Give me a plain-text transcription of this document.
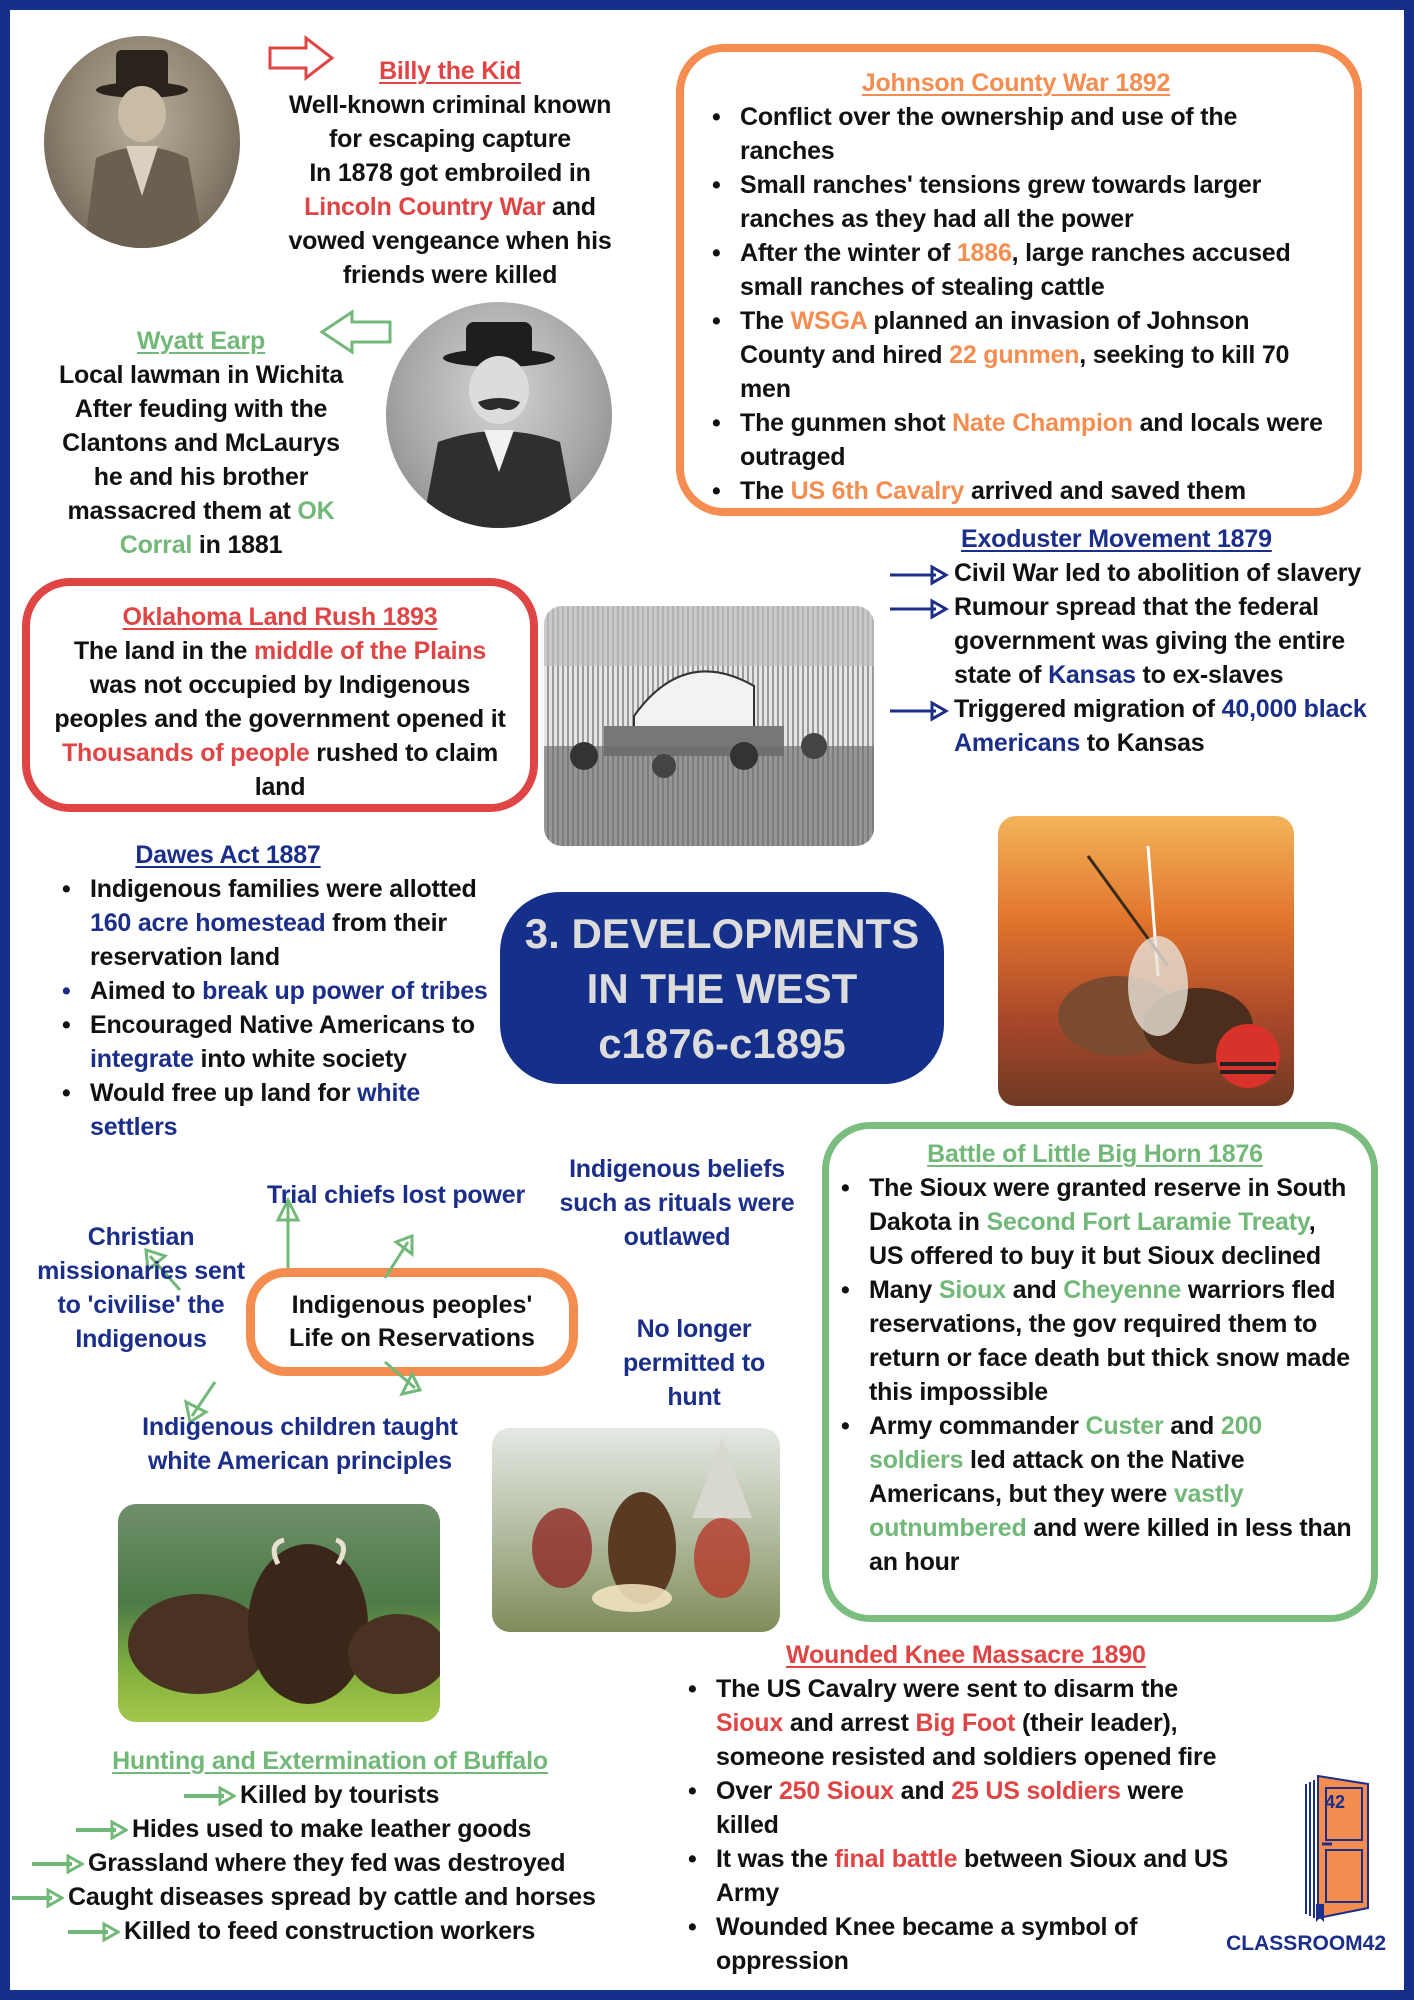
Billy the Kid
Well-known criminal known
for escaping capture
In 1878 got embroiled in
Lincoln Country War and
vowed vengeance when his
friends were killed
Wyatt Earp
Local lawman in Wichita
After feuding with the
Clantons and McLaurys
he and his brother
massacred them at OK
Corral in 1881
Johnson County War 1892
• Conflict over the ownership and use of the ranches
• Small ranches' tensions grew towards larger ranches as they had all the power
• After the winter of 1886, large ranches accused small ranches of stealing cattle
• The WSGA planned an invasion of Johnson County and hired 22 gunmen, seeking to kill 70 men
• The gunmen shot Nate Champion and locals were outraged
• The US 6th Cavalry arrived and saved them
Exoduster Movement 1879
Civil War led to abolition of slavery
Rumour spread that the federal government was giving the entire state of Kansas to ex-slaves
Triggered migration of 40,000 black Americans to Kansas
Oklahoma Land Rush 1893
The land in the middle of the Plains
was not occupied by Indigenous
peoples and the government opened it
Thousands of people rushed to claim
land
Dawes Act 1887
• Indigenous families were allotted 160 acre homestead from their reservation land
• Aimed to break up power of tribes
• Encouraged Native Americans to integrate into white society
• Would free up land for white settlers
3. DEVELOPMENTS
IN THE WEST
c1876-c1895
Indigenous peoples'
Life on Reservations
Trial chiefs lost power
Indigenous beliefs such as rituals were outlawed
Christian missionaries sent to 'civilise' the Indigenous	No longer permitted to hunt
Indigenous children taught white American principles
Battle of Little Big Horn 1876
• The Sioux were granted reserve in South Dakota in Second Fort Laramie Treaty, US offered to buy it but Sioux declined
• Many Sioux and Cheyenne warriors fled reservations, the gov required them to return or face death but thick snow made this impossible
• Army commander Custer and 200 soldiers led attack on the Native Americans, but they were vastly outnumbered and were killed in less than an hour
Wounded Knee Massacre 1890
• The US Cavalry were sent to disarm the Sioux and arrest Big Foot (their leader), someone resisted and soldiers opened fire
• Over 250 Sioux and 25 US soldiers were killed
• It was the final battle between Sioux and US Army
• Wounded Knee became a symbol of oppression
Hunting and Extermination of Buffalo
Killed by tourists
Hides used to make leather goods
Grassland where they fed was destroyed
Caught diseases spread by cattle and horses
Killed to feed construction workers
42
CLASSROOM42
